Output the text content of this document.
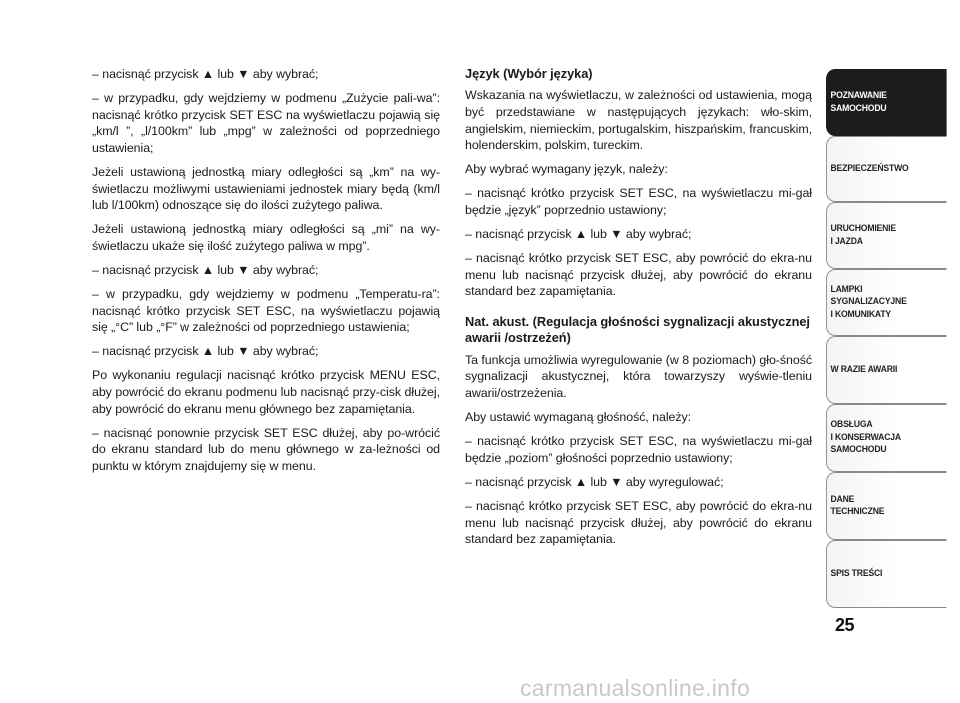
– nacisnąć przycisk ▲ lub ▼ aby wybrać;

– w przypadku, gdy wejdziemy w podmenu „Zużycie pali-wa”: nacisnąć krótko przycisk SET ESC na wyświetlaczu pojawią się „km/l ”, „l/100km” lub „mpg” w zależności od poprzedniego ustawienia;

Jeżeli ustawioną jednostką miary odległości są „km” na wy-świetlaczu możliwymi ustawieniami jednostek miary będą (km/l lub l/100km) odnoszące się do ilości zużytego paliwa.

Jeżeli ustawioną jednostką miary odległości są „mi” na wy-świetlaczu ukaże się ilość zużytego paliwa w mpg”.

– nacisnąć przycisk ▲ lub ▼ aby wybrać;

– w przypadku, gdy wejdziemy w podmenu „Temperatu-ra”: nacisnąć krótko przycisk SET ESC, na wyświetlaczu pojawią się „°C” lub „°F” w zależności od poprzedniego ustawienia;

– nacisnąć przycisk ▲ lub ▼ aby wybrać;

Po wykonaniu regulacji nacisnąć krótko przycisk MENU ESC, aby powrócić do ekranu podmenu lub nacisnąć przy-cisk dłużej, aby powrócić do ekranu menu głównego bez zapamiętania.

– nacisnąć ponownie przycisk SET ESC dłużej, aby po-wrócić do ekranu standard lub do menu głównego w za-leżności od punktu w którym znajdujemy się w menu.

Język (Wybór języka)

Wskazania na wyświetlaczu, w zależności od ustawienia, mogą być przedstawiane w następujących językach: wło-skim, angielskim, niemieckim, portugalskim, hiszpańskim, francuskim, holenderskim, polskim, tureckim.

Aby wybrać wymagany język, należy:

– nacisnąć krótko przycisk SET ESC, na wyświetlaczu mi-gał będzie „język” poprzednio ustawiony;

– nacisnąć przycisk ▲ lub ▼ aby wybrać;

– nacisnąć krótko przycisk SET ESC, aby powrócić do ekra-nu menu lub nacisnąć przycisk dłużej, aby powrócić do ekranu standard bez zapamiętania.

Nat. akust. (Regulacja głośności sygnalizacji akustycznej awarii /ostrzeżeń)

Ta funkcja umożliwia wyregulowanie (w 8 poziomach) gło-śność sygnalizacji akustycznej, która towarzyszy wyświe-tleniu awarii/ostrzeżenia.

Aby ustawić wymaganą głośność, należy:

– nacisnąć krótko przycisk SET ESC, na wyświetlaczu mi-gał będzie „poziom” głośności poprzednio ustawiony;

– nacisnąć przycisk ▲ lub ▼ aby wyregulować;

– nacisnąć krótko przycisk SET ESC, aby powrócić do ekra-nu menu lub nacisnąć przycisk dłużej, aby powrócić do ekranu standard bez zapamiętania.

POZNAWANIE
SAMOCHODU
BEZPIECZEŃSTWO
URUCHOMIENIE
I JAZDA
LAMPKI
SYGNALIZACYJNE
I KOMUNIKATY
W RAZIE AWARII
OBSŁUGA
I KONSERWACJA
SAMOCHODU
DANE
TECHNICZNE
SPIS TREŚCI
25
carmanualsonline.info
